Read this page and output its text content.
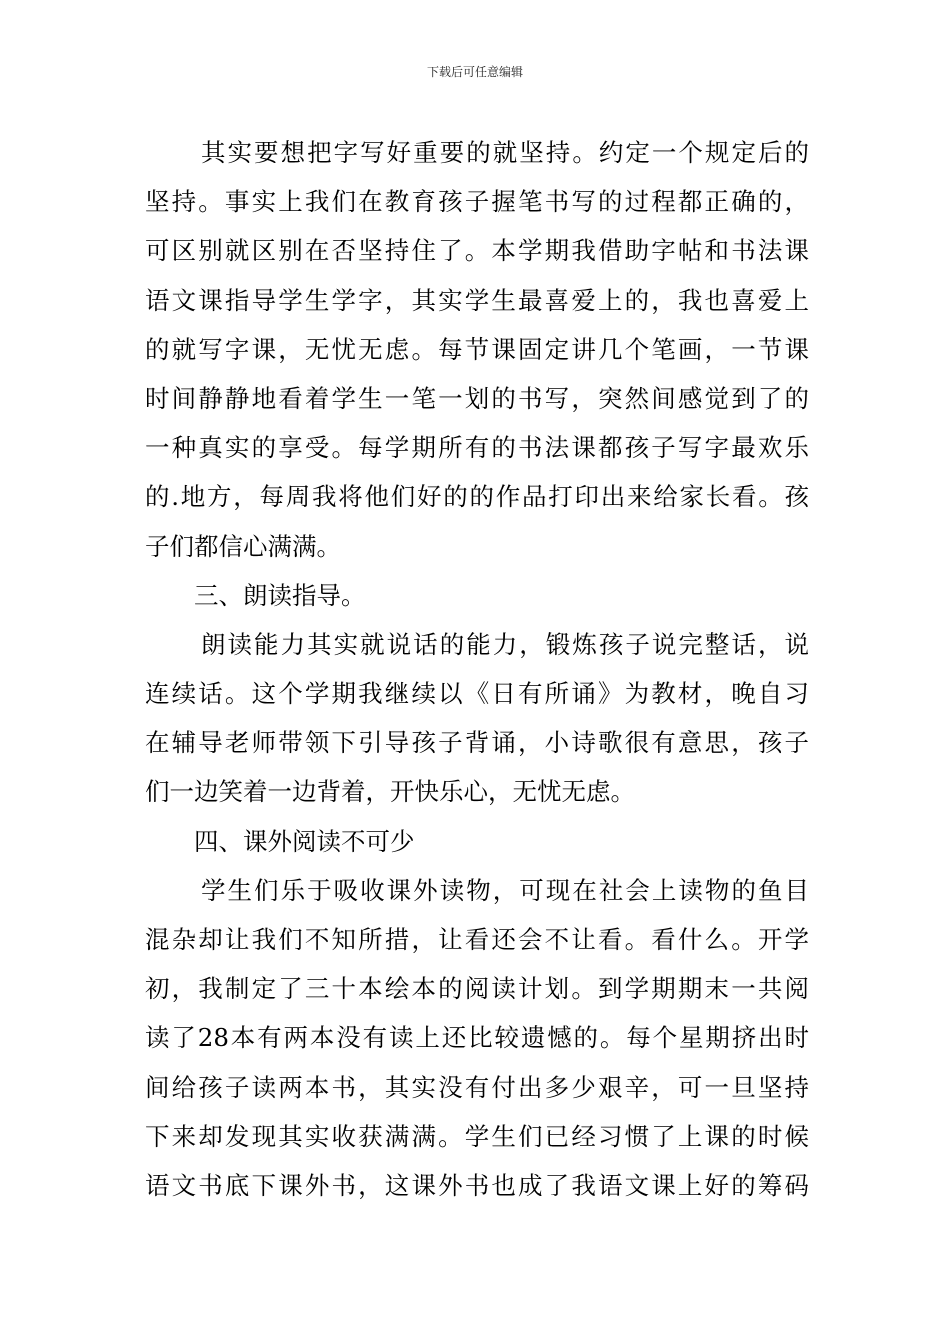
下载后可任意编辑
其实要想把字写好重要的就坚持。约定一个规定后的
坚持。事实上我们在教育孩子握笔书写的过程都正确的，
可区别就区别在否坚持住了。本学期我借助字帖和书法课
语文课指导学生学字，其实学生最喜爱上的，我也喜爱上
的就写字课，无忧无虑。每节课固定讲几个笔画，一节课
时间静静地看着学生一笔一划的书写，突然间感觉到了的
一种真实的享受。每学期所有的书法课都孩子写字最欢乐
的.地方，每周我将他们好的的作品打印出来给家长看。孩
子们都信心满满。
三、朗读指导。
朗读能力其实就说话的能力，锻炼孩子说完整话，说
连续话。这个学期我继续以《日有所诵》为教材，晚自习
在辅导老师带领下引导孩子背诵，小诗歌很有意思，孩子
们一边笑着一边背着，开快乐心，无忧无虑。
四、课外阅读不可少
学生们乐于吸收课外读物，可现在社会上读物的鱼目
混杂却让我们不知所措，让看还会不让看。看什么。开学
初，我制定了三十本绘本的阅读计划。到学期期末一共阅
读了28本有两本没有读上还比较遗憾的。每个星期挤出时
间给孩子读两本书，其实没有付出多少艰辛，可一旦坚持
下来却发现其实收获满满。学生们已经习惯了上课的时候
语文书底下课外书，这课外书也成了我语文课上好的筹码
